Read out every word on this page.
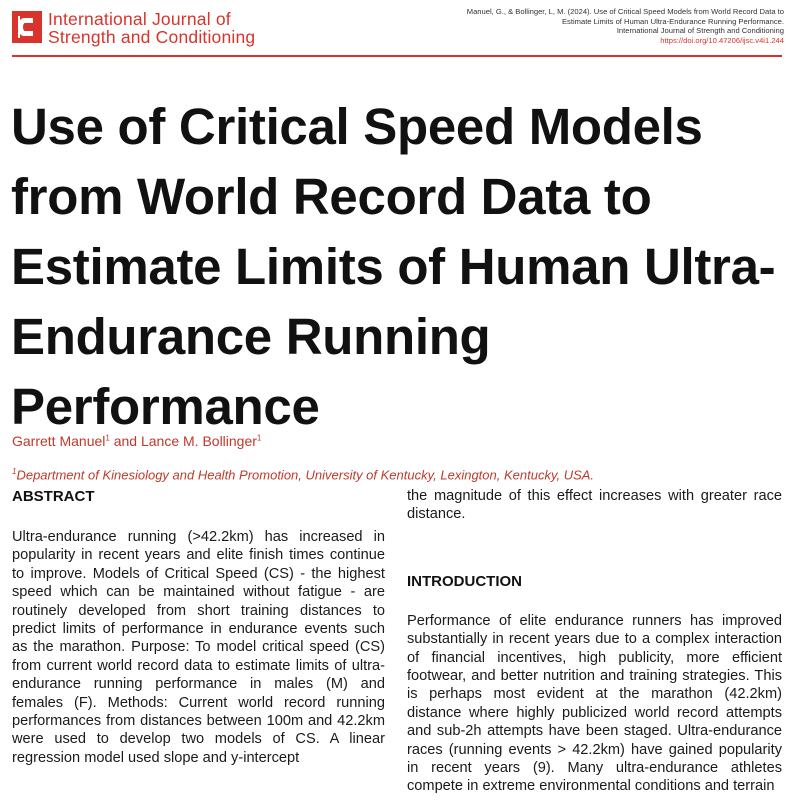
International Journal of
Strength and Conditioning
Manuel, G., & Bollinger, L, M. (2024). Use of Critical Speed Models from World Record Data to
Estimate Limits of Human Ultra-Endurance Running Performance.
International Journal of Strength and Conditioning
https://doi.org/10.47206/ijsc.v4i1.244
Use of Critical Speed Models from World Record Data to Estimate Limits of Human Ultra-Endurance Running Performance
Garrett Manuel$^1$ and Lance M. Bollinger$^1$
$^1$Department of Kinesiology and Health Promotion, University of Kentucky, Lexington, Kentucky, USA.
ABSTRACT

Ultra-endurance running (>42.2km) has increased in popularity in recent years and elite finish times continue to improve. Models of Critical Speed (CS) - the highest speed which can be maintained without fatigue - are routinely developed from short training distances to predict limits of performance in endurance events such as the marathon. Purpose: To model critical speed (CS) from current world record data to estimate limits of ultra-endurance running performance in males (M) and females (F). Methods: Current world record running performances from distances between 100m and 42.2km were used to develop two models of CS. A linear regression model used slope and y-intercept

the magnitude of this effect increases with greater race distance.

INTRODUCTION

Performance of elite endurance runners has improved substantially in recent years due to a complex interaction of financial incentives, high publicity, more efficient footwear, and better nutrition and training strategies. This is perhaps most evident at the marathon (42.2km) distance where highly publicized world record attempts and sub-2h attempts have been staged. Ultra-endurance races (running events > 42.2km) have gained popularity in recent years (9). Many ultra-endurance athletes compete in extreme environmental conditions and terrain
